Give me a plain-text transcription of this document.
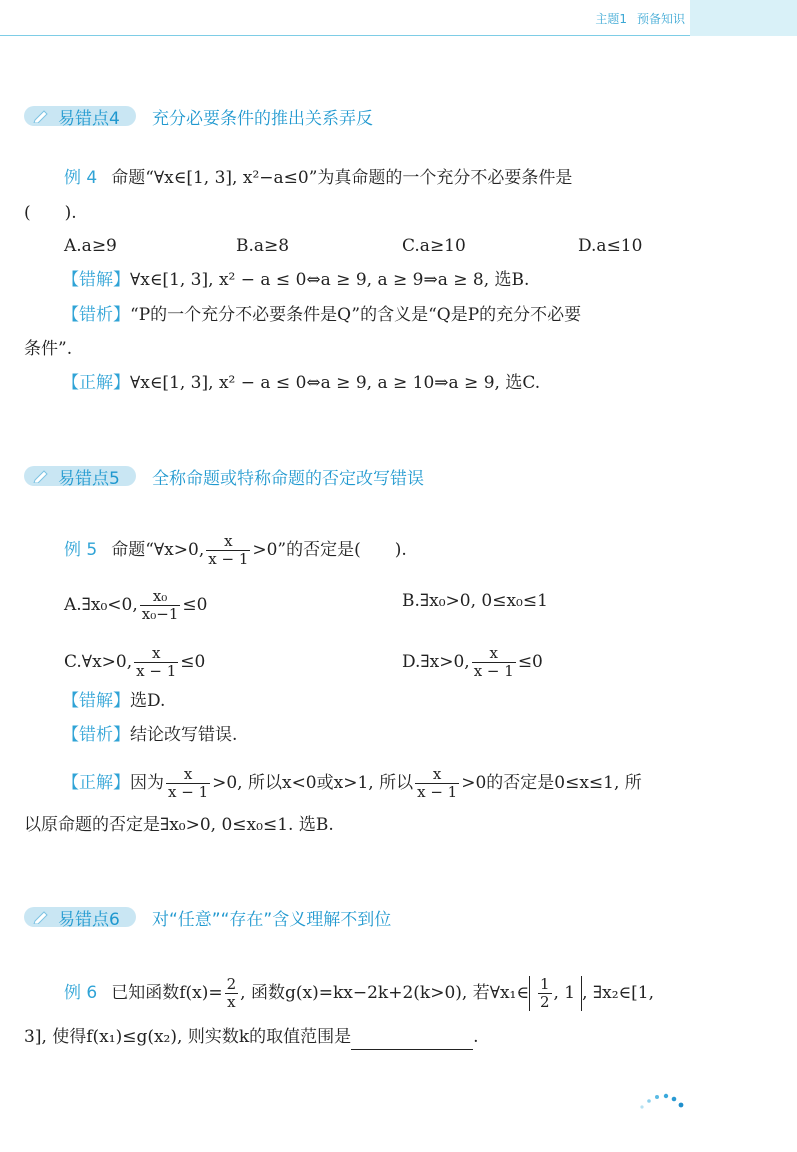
主题1 预备知识
易错点4 充分必要条件的推出关系弄反
例 4 命题“∀x∈[1, 3], x²−a≤0”为真命题的一个充分不必要条件是
(　　).
A.a≥9	B.a≥8	C.a≥10	D.a≤10
【错解】∀x∈[1, 3], x² − a ≤ 0⇔a ≥ 9, a ≥ 9⇒a ≥ 8, 选B.
【错析】“P的一个充分不必要条件是Q”的含义是“Q是P的充分不必要
条件”.
【正解】∀x∈[1, 3], x² − a ≤ 0⇔a ≥ 9, a ≥ 10⇒a ≥ 9, 选C.
易错点5 全称命题或特称命题的否定改写错误
例 5 命题“∀x>0, $\frac{x}{x - 1} >0$”的否定是(　　).
A.∃x₀<0, $\frac{\text{x₀}}{\text{x₀−1}} \le 0$	B.∃x₀>0, 0≤x₀≤1
C.∀x>0, $\frac{x}{x - 1} \le 0$	D.∃x>0, $\frac{x}{x - 1} \le 0$
【错解】选D.
【错析】结论改写错误.
【正解】因为 $\frac{x}{x - 1} >0$, 所以x<0或x>1, 所以 $\frac{x}{x - 1} >0$的否定是0≤x≤1, 所
以原命题的否定是∃x₀>0, 0≤x₀≤1. 选B.
易错点6 对“任意”“存在”含义理解不到位
例 6 已知函数$f(x)= \frac{2}{x}$ , 函数g(x)=kx−2k+2(k>0), 若∀x₁∈ $\frac{1}{2}$ , 1 , ∃x₂∈[1,
3], 使得f(x₁)≤g(x₂), 则实数k的取值范围是	.
